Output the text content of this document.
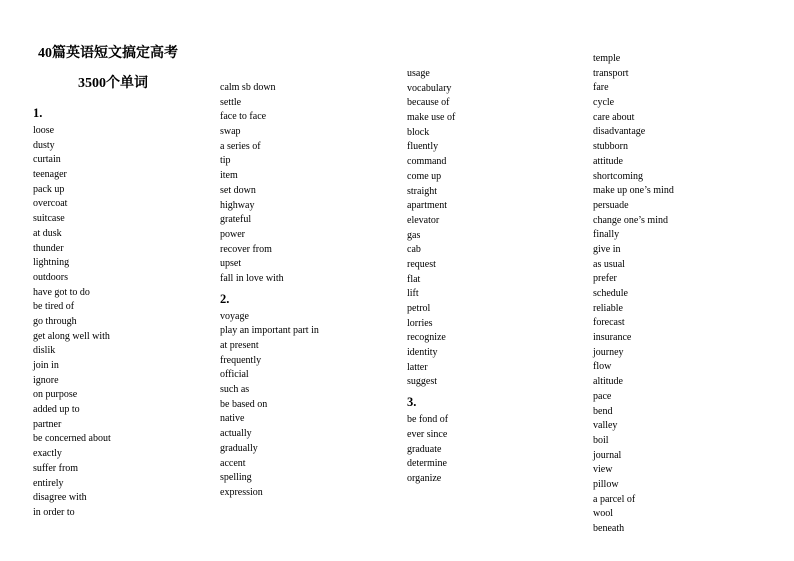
40篇英语短文搞定高考
3500个单词
1.
loose
dusty
curtain
teenager
pack up
overcoat
suitcase
at dusk
thunder
lightning
outdoors
have got to do
be tired of
go through
get along well with
dislik
join in
ignore
on purpose
added up to
partner
be concerned about
exactly
suffer from
entirely
disagree with
in order to
calm sb down
settle
face to face
swap
a series of
tip
item
set down
highway
grateful
power
recover from
upset
fall in love with
2.
voyage
play an important part in
at present
frequently
official
such as
be based on
native
actually
gradually
accent
spelling
expression
usage
vocabulary
because of
make use of
block
fluently
command
come up
straight
apartment
elevator
gas
cab
request
flat
lift
petrol
lorries
recognize
identity
latter
suggest
3.
be fond of
ever since
graduate
determine
organize
temple
transport
fare
cycle
care about
disadvantage
stubborn
attitude
shortcoming
make up one’s mind
persuade
change one’s mind
finally
give in
as usual
prefer
schedule
reliable
forecast
insurance
journey
flow
altitude
pace
bend
valley
boil
journal
view
pillow
a parcel of
wool
beneath
